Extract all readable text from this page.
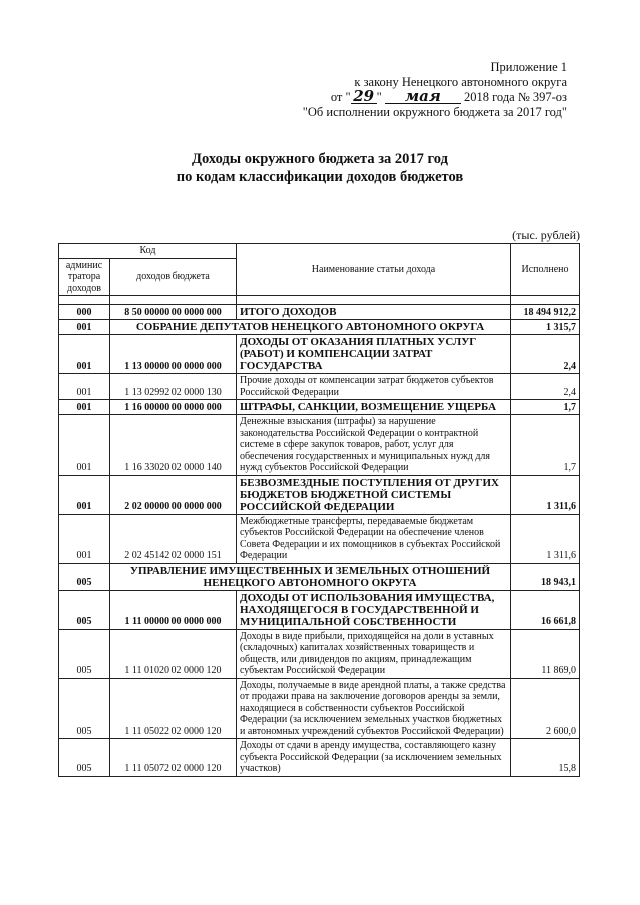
Приложение 1
к закону Ненецкого автономного округа
от " 29 " мая 2018 года № 397-оз
"Об исполнении окружного бюджета за 2017 год"
Доходы окружного бюджета за 2017 год
по кодам классификации доходов бюджетов
(тыс. рублей)
Код		Наименование статьи дохода	Исполнено
админис тратора доходов	доходов бюджета		

000	8 50 00000 00 0000 000	ИТОГО ДОХОДОВ	18 494 912,2
001	СОБРАНИЕ ДЕПУТАТОВ НЕНЕЦКОГО АВТОНОМНОГО ОКРУГА		1 315,7
001	1 13 00000 00 0000 000	ДОХОДЫ ОТ ОКАЗАНИЯ ПЛАТНЫХ УСЛУГ (РАБОТ) И КОМПЕНСАЦИИ ЗАТРАТ ГОСУДАРСТВА	2,4
001	1 13 02992 02 0000 130	Прочие доходы от компенсации затрат бюджетов субъектов Российской Федерации	2,4
001	1 16 00000 00 0000 000	ШТРАФЫ, САНКЦИИ, ВОЗМЕЩЕНИЕ УЩЕРБА	1,7
001	1 16 33020 02 0000 140	Денежные взыскания (штрафы) за нарушение законодательства Российской Федерации о контрактной системе в сфере закупок товаров, работ, услуг для обеспечения государственных и муниципальных нужд для нужд субъектов Российской Федерации	1,7
001	2 02 00000 00 0000 000	БЕЗВОЗМЕЗДНЫЕ ПОСТУПЛЕНИЯ ОТ ДРУГИХ БЮДЖЕТОВ БЮДЖЕТНОЙ СИСТЕМЫ РОССИЙСКОЙ ФЕДЕРАЦИИ	1 311,6
001	2 02 45142 02 0000 151	Межбюджетные трансферты, передаваемые бюджетам субъектов Российской Федерации на обеспечение членов Совета Федерации и их помощников в субъектах Российской Федерации	1 311,6
005	УПРАВЛЕНИЕ ИМУЩЕСТВЕННЫХ И ЗЕМЕЛЬНЫХ ОТНОШЕНИЙ НЕНЕЦКОГО АВТОНОМНОГО ОКРУГА		18 943,1
005	1 11 00000 00 0000 000	ДОХОДЫ ОТ ИСПОЛЬЗОВАНИЯ ИМУЩЕСТВА, НАХОДЯЩЕГОСЯ В ГОСУДАРСТВЕННОЙ И МУНИЦИПАЛЬНОЙ СОБСТВЕННОСТИ	16 661,8
005	1 11 01020 02 0000 120	Доходы в виде прибыли, приходящейся на доли в уставных (складочных) капиталах хозяйственных товариществ и обществ, или дивидендов по акциям, принадлежащим субъектам Российской Федерации	11 869,0
005	1 11 05022 02 0000 120	Доходы, получаемые в виде арендной платы, а также средства от продажи права на заключение договоров аренды за земли, находящиеся в собственности субъектов Российской Федерации (за исключением земельных участков бюджетных и автономных учреждений субъектов Российской Федерации)	2 600,0
005	1 11 05072 02 0000 120	Доходы от сдачи в аренду имущества, составляющего казну субъекта Российской Федерации (за исключением земельных участков)	15,8
